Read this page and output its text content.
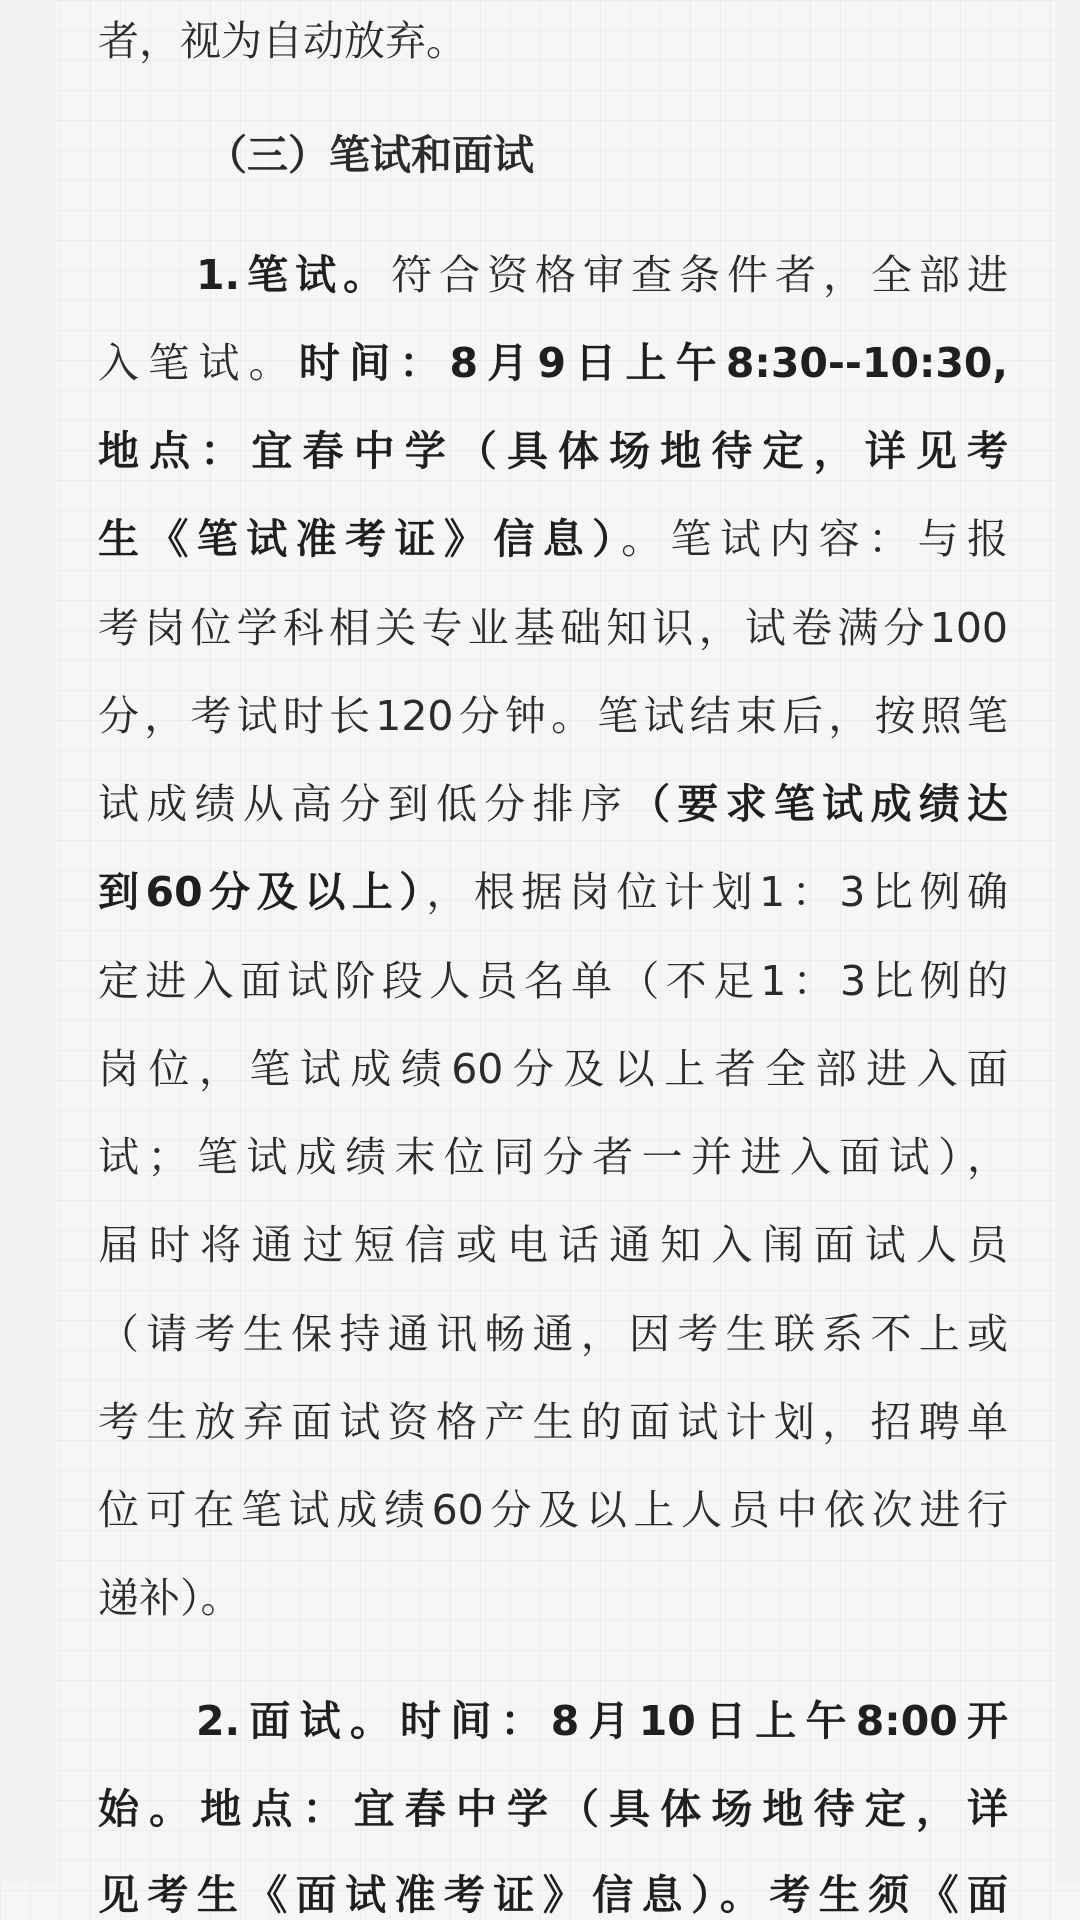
者，视为自动放弃。
（三）笔试和面试
1.笔试。符合资格审查条件者，全部进
入笔试。时间：8月9日上午8:30--10:30,
地点：宜春中学（具体场地待定，详见考
生《笔试准考证》信息）。笔试内容：与报
考岗位学科相关专业基础知识，试卷满分100
分，考试时长120分钟。笔试结束后，按照笔
试成绩从高分到低分排序（要求笔试成绩达
到60分及以上），根据岗位计划1：3比例确
定进入面试阶段人员名单（不足1：3比例的
岗位，笔试成绩60分及以上者全部进入面
试；笔试成绩末位同分者一并进入面试），
届时将通过短信或电话通知入闱面试人员
（请考生保持通讯畅通，因考生联系不上或
考生放弃面试资格产生的面试计划，招聘单
位可在笔试成绩60分及以上人员中依次进行
递补）。
2.面试。时间：8月10日上午8:00开
始。地点：宜春中学（具体场地待定，详
见考生《面试准考证》信息）。考生须《面
